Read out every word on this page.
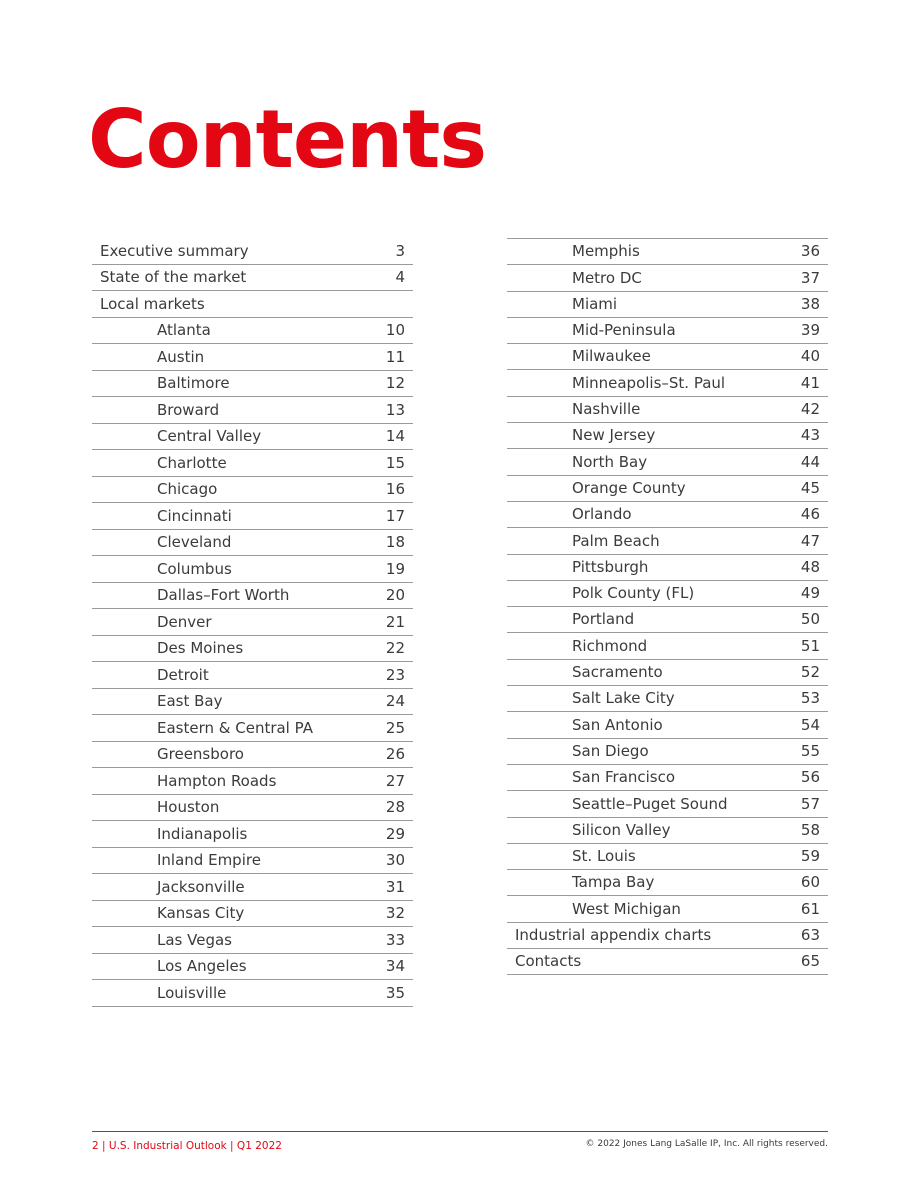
Contents
Executive summary	3
State of the market	4
Local markets
Atlanta	10
Austin	11
Baltimore	12
Broward	13
Central Valley	14
Charlotte	15
Chicago	16
Cincinnati	17
Cleveland	18
Columbus	19
Dallas–Fort Worth	20
Denver	21
Des Moines	22
Detroit	23
East Bay	24
Eastern & Central PA	25
Greensboro	26
Hampton Roads	27
Houston	28
Indianapolis	29
Inland Empire	30
Jacksonville	31
Kansas City	32
Las Vegas	33
Los Angeles	34
Louisville	35
Memphis	36
Metro DC	37
Miami	38
Mid-Peninsula	39
Milwaukee	40
Minneapolis–St. Paul	41
Nashville	42
New Jersey	43
North Bay	44
Orange County	45
Orlando	46
Palm Beach	47
Pittsburgh	48
Polk County (FL)	49
Portland	50
Richmond	51
Sacramento	52
Salt Lake City	53
San Antonio	54
San Diego	55
San Francisco	56
Seattle–Puget Sound	57
Silicon Valley	58
St. Louis	59
Tampa Bay	60
West Michigan	61
Industrial appendix charts	63
Contacts	65
2 | U.S. Industrial Outlook | Q1 2022	© 2022 Jones Lang LaSalle IP, Inc. All rights reserved.
